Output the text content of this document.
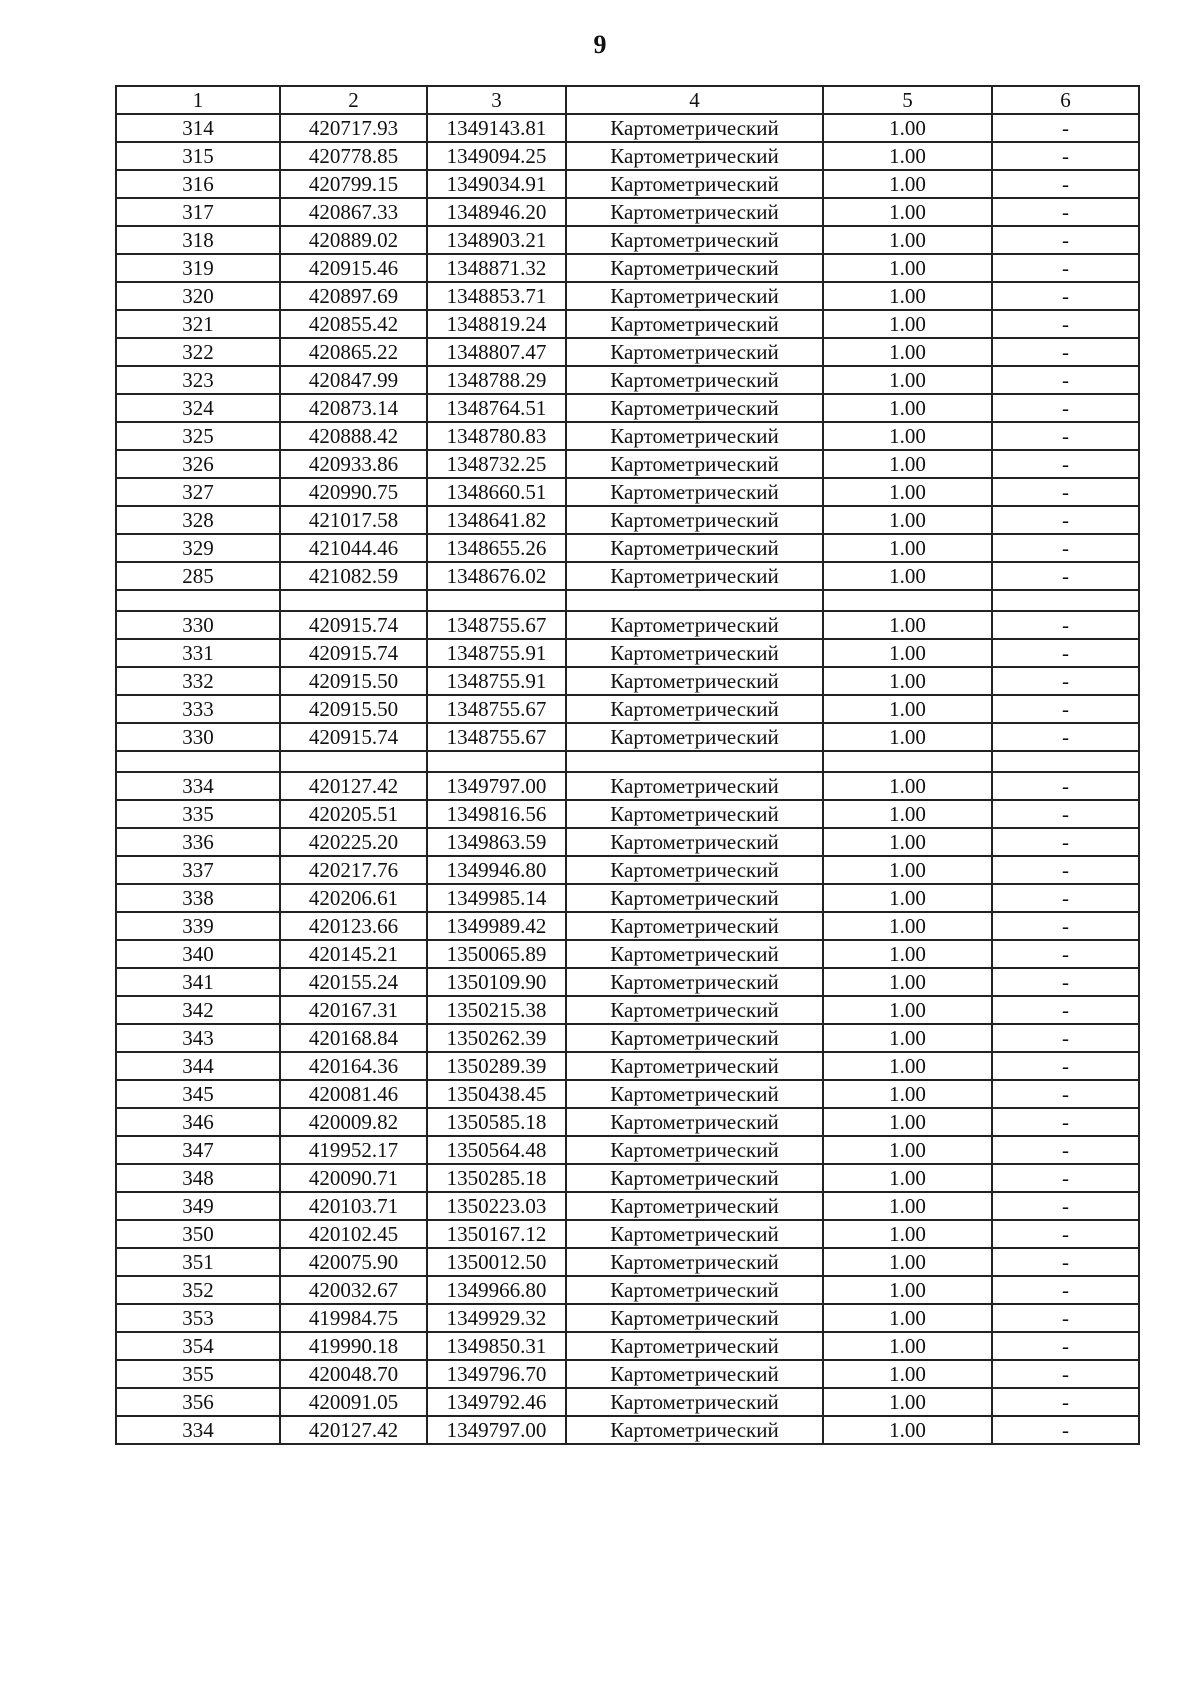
9
1	2	3	4	5	6
314	420717.93	1349143.81	Картометрический	1.00	-
315	420778.85	1349094.25	Картометрический	1.00	-
316	420799.15	1349034.91	Картометрический	1.00	-
317	420867.33	1348946.20	Картометрический	1.00	-
318	420889.02	1348903.21	Картометрический	1.00	-
319	420915.46	1348871.32	Картометрический	1.00	-
320	420897.69	1348853.71	Картометрический	1.00	-
321	420855.42	1348819.24	Картометрический	1.00	-
322	420865.22	1348807.47	Картометрический	1.00	-
323	420847.99	1348788.29	Картометрический	1.00	-
324	420873.14	1348764.51	Картометрический	1.00	-
325	420888.42	1348780.83	Картометрический	1.00	-
326	420933.86	1348732.25	Картометрический	1.00	-
327	420990.75	1348660.51	Картометрический	1.00	-
328	421017.58	1348641.82	Картометрический	1.00	-
329	421044.46	1348655.26	Картометрический	1.00	-
285	421082.59	1348676.02	Картометрический	1.00	-

330	420915.74	1348755.67	Картометрический	1.00	-
331	420915.74	1348755.91	Картометрический	1.00	-
332	420915.50	1348755.91	Картометрический	1.00	-
333	420915.50	1348755.67	Картометрический	1.00	-
330	420915.74	1348755.67	Картометрический	1.00	-

334	420127.42	1349797.00	Картометрический	1.00	-
335	420205.51	1349816.56	Картометрический	1.00	-
336	420225.20	1349863.59	Картометрический	1.00	-
337	420217.76	1349946.80	Картометрический	1.00	-
338	420206.61	1349985.14	Картометрический	1.00	-
339	420123.66	1349989.42	Картометрический	1.00	-
340	420145.21	1350065.89	Картометрический	1.00	-
341	420155.24	1350109.90	Картометрический	1.00	-
342	420167.31	1350215.38	Картометрический	1.00	-
343	420168.84	1350262.39	Картометрический	1.00	-
344	420164.36	1350289.39	Картометрический	1.00	-
345	420081.46	1350438.45	Картометрический	1.00	-
346	420009.82	1350585.18	Картометрический	1.00	-
347	419952.17	1350564.48	Картометрический	1.00	-
348	420090.71	1350285.18	Картометрический	1.00	-
349	420103.71	1350223.03	Картометрический	1.00	-
350	420102.45	1350167.12	Картометрический	1.00	-
351	420075.90	1350012.50	Картометрический	1.00	-
352	420032.67	1349966.80	Картометрический	1.00	-
353	419984.75	1349929.32	Картометрический	1.00	-
354	419990.18	1349850.31	Картометрический	1.00	-
355	420048.70	1349796.70	Картометрический	1.00	-
356	420091.05	1349792.46	Картометрический	1.00	-
334	420127.42	1349797.00	Картометрический	1.00	-
